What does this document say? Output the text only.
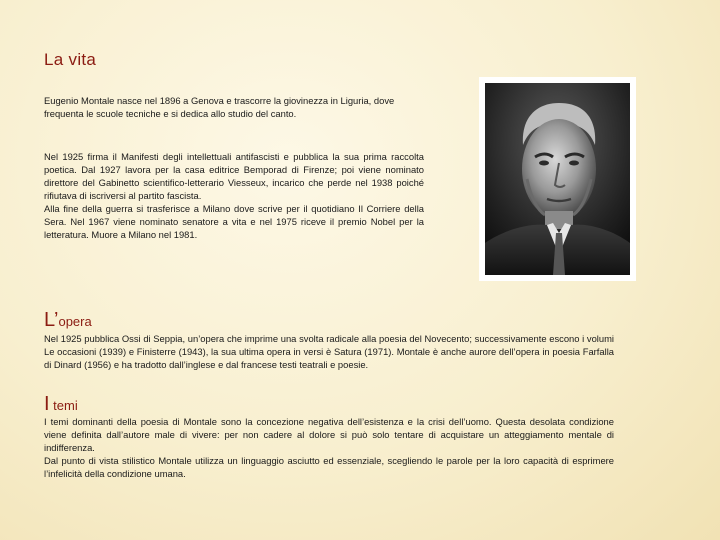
La vita

Eugenio Montale nasce nel 1896 a Genova e trascorre la giovinezza in Liguria, dove frequenta le scuole tecniche e si dedica allo studio del canto.

Nel 1925 firma il Manifesti degli intellettuali antifascisti e pubblica la sua prima raccolta poetica. Dal 1927 lavora per la casa editrice Bemporad di Firenze; poi viene nominato direttore del Gabinetto scientifico-letterario Viesseux, incarico che perde nel 1938 poiché rifiutava di iscriversi al partito fascista.
Alla fine della guerra si trasferisce a Milano dove scrive per il quotidiano Il Corriere della Sera. Nel 1967 viene nominato senatore a vita e nel 1975 riceve il premio Nobel per la letteratura. Muore a Milano nel 1981.
L’opera

Nel 1925 pubblica Ossi di Seppia, un’opera che imprime una svolta radicale alla poesia del Novecento; successivamente escono i volumi Le occasioni (1939) e Finisterre (1943), la sua ultima opera in versi è Satura (1971). Montale è anche aurore dell’opera in poesia Farfalla di Dinard (1956) e ha tradotto dall’inglese e dal francese testi teatrali e poesie.

I temi
I temi dominanti della poesia di Montale sono la concezione negativa dell’esistenza e la crisi dell’uomo. Questa desolata condizione viene definita dall’autore male di vivere: per non cadere al dolore si può solo tentare di acquistare un atteggiamento mentale di indifferenza.
Dal punto di vista stilistico Montale utilizza un linguaggio asciutto ed essenziale, scegliendo le parole per la loro capacità di esprimere l’infelicità della condizione umana.
